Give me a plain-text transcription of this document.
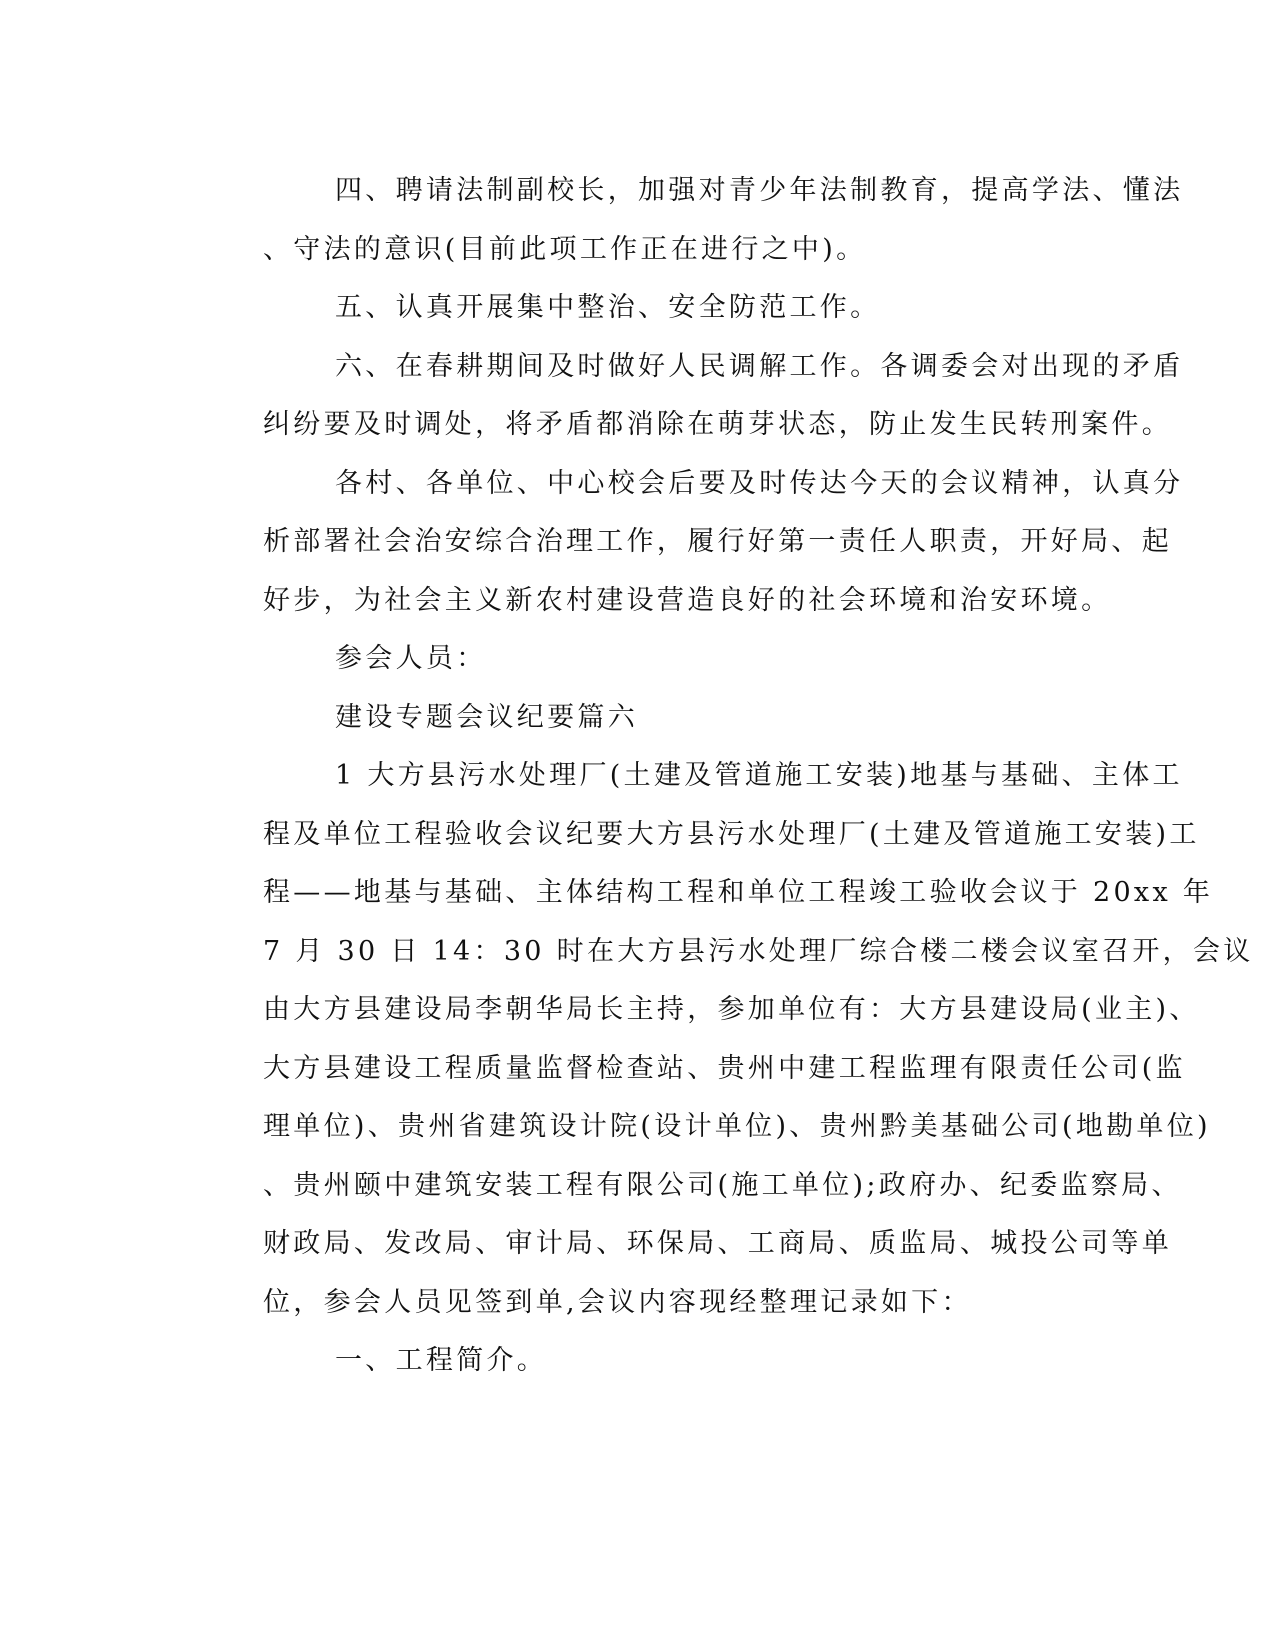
四、聘请法制副校长，加强对青少年法制教育，提高学法、懂法
、守法的意识(目前此项工作正在进行之中)。
五、认真开展集中整治、安全防范工作。
六、在春耕期间及时做好人民调解工作。各调委会对出现的矛盾
纠纷要及时调处，将矛盾都消除在萌芽状态，防止发生民转刑案件。
各村、各单位、中心校会后要及时传达今天的会议精神，认真分
析部署社会治安综合治理工作，履行好第一责任人职责，开好局、起
好步，为社会主义新农村建设营造良好的社会环境和治安环境。
参会人员：
建设专题会议纪要篇六
1 大方县污水处理厂(土建及管道施工安装)地基与基础、主体工
程及单位工程验收会议纪要大方县污水处理厂(土建及管道施工安装)工
程——地基与基础、主体结构工程和单位工程竣工验收会议于 20xx 年
7 月 30 日 14：30 时在大方县污水处理厂综合楼二楼会议室召开，会议
由大方县建设局李朝华局长主持，参加单位有：大方县建设局(业主)、
大方县建设工程质量监督检查站、贵州中建工程监理有限责任公司(监
理单位)、贵州省建筑设计院(设计单位)、贵州黔美基础公司(地勘单位)
、贵州颐中建筑安装工程有限公司(施工单位);政府办、纪委监察局、
财政局、发改局、审计局、环保局、工商局、质监局、城投公司等单
位，参会人员见签到单,会议内容现经整理记录如下：
一、工程简介。
